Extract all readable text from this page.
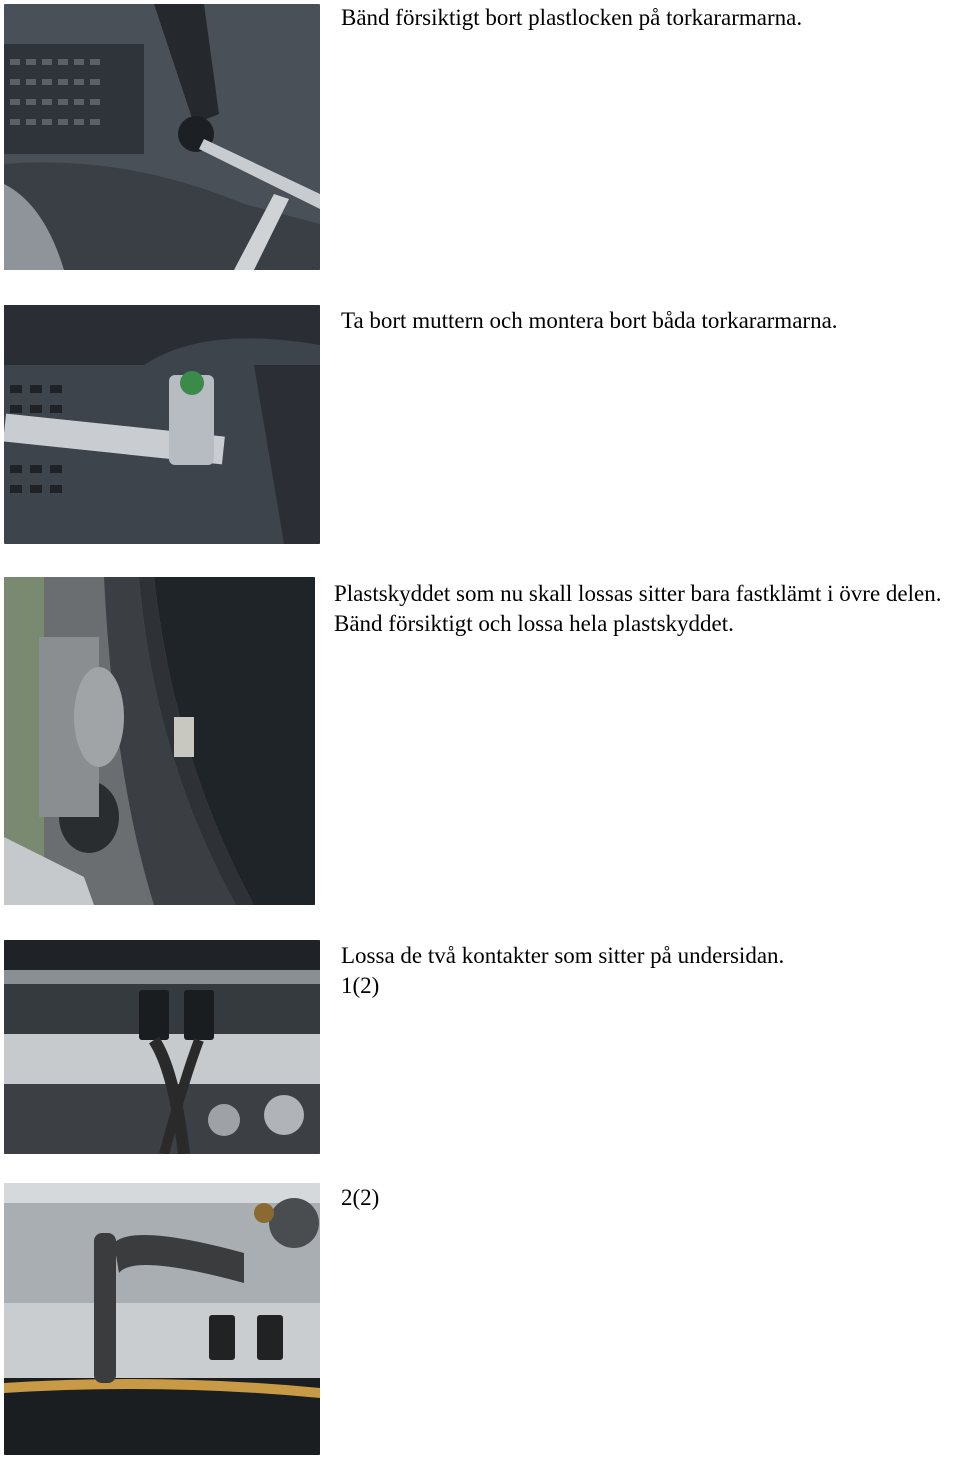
Bänd försiktigt bort plastlocken på torkararmarna.
Ta bort muttern och montera bort båda torkararmarna.
Plastskyddet som nu skall lossas sitter bara fastklämt i övre delen. Bänd försiktigt och lossa hela plastskyddet.
Lossa de två kontakter som sitter på undersidan.
1(2)
2(2)
